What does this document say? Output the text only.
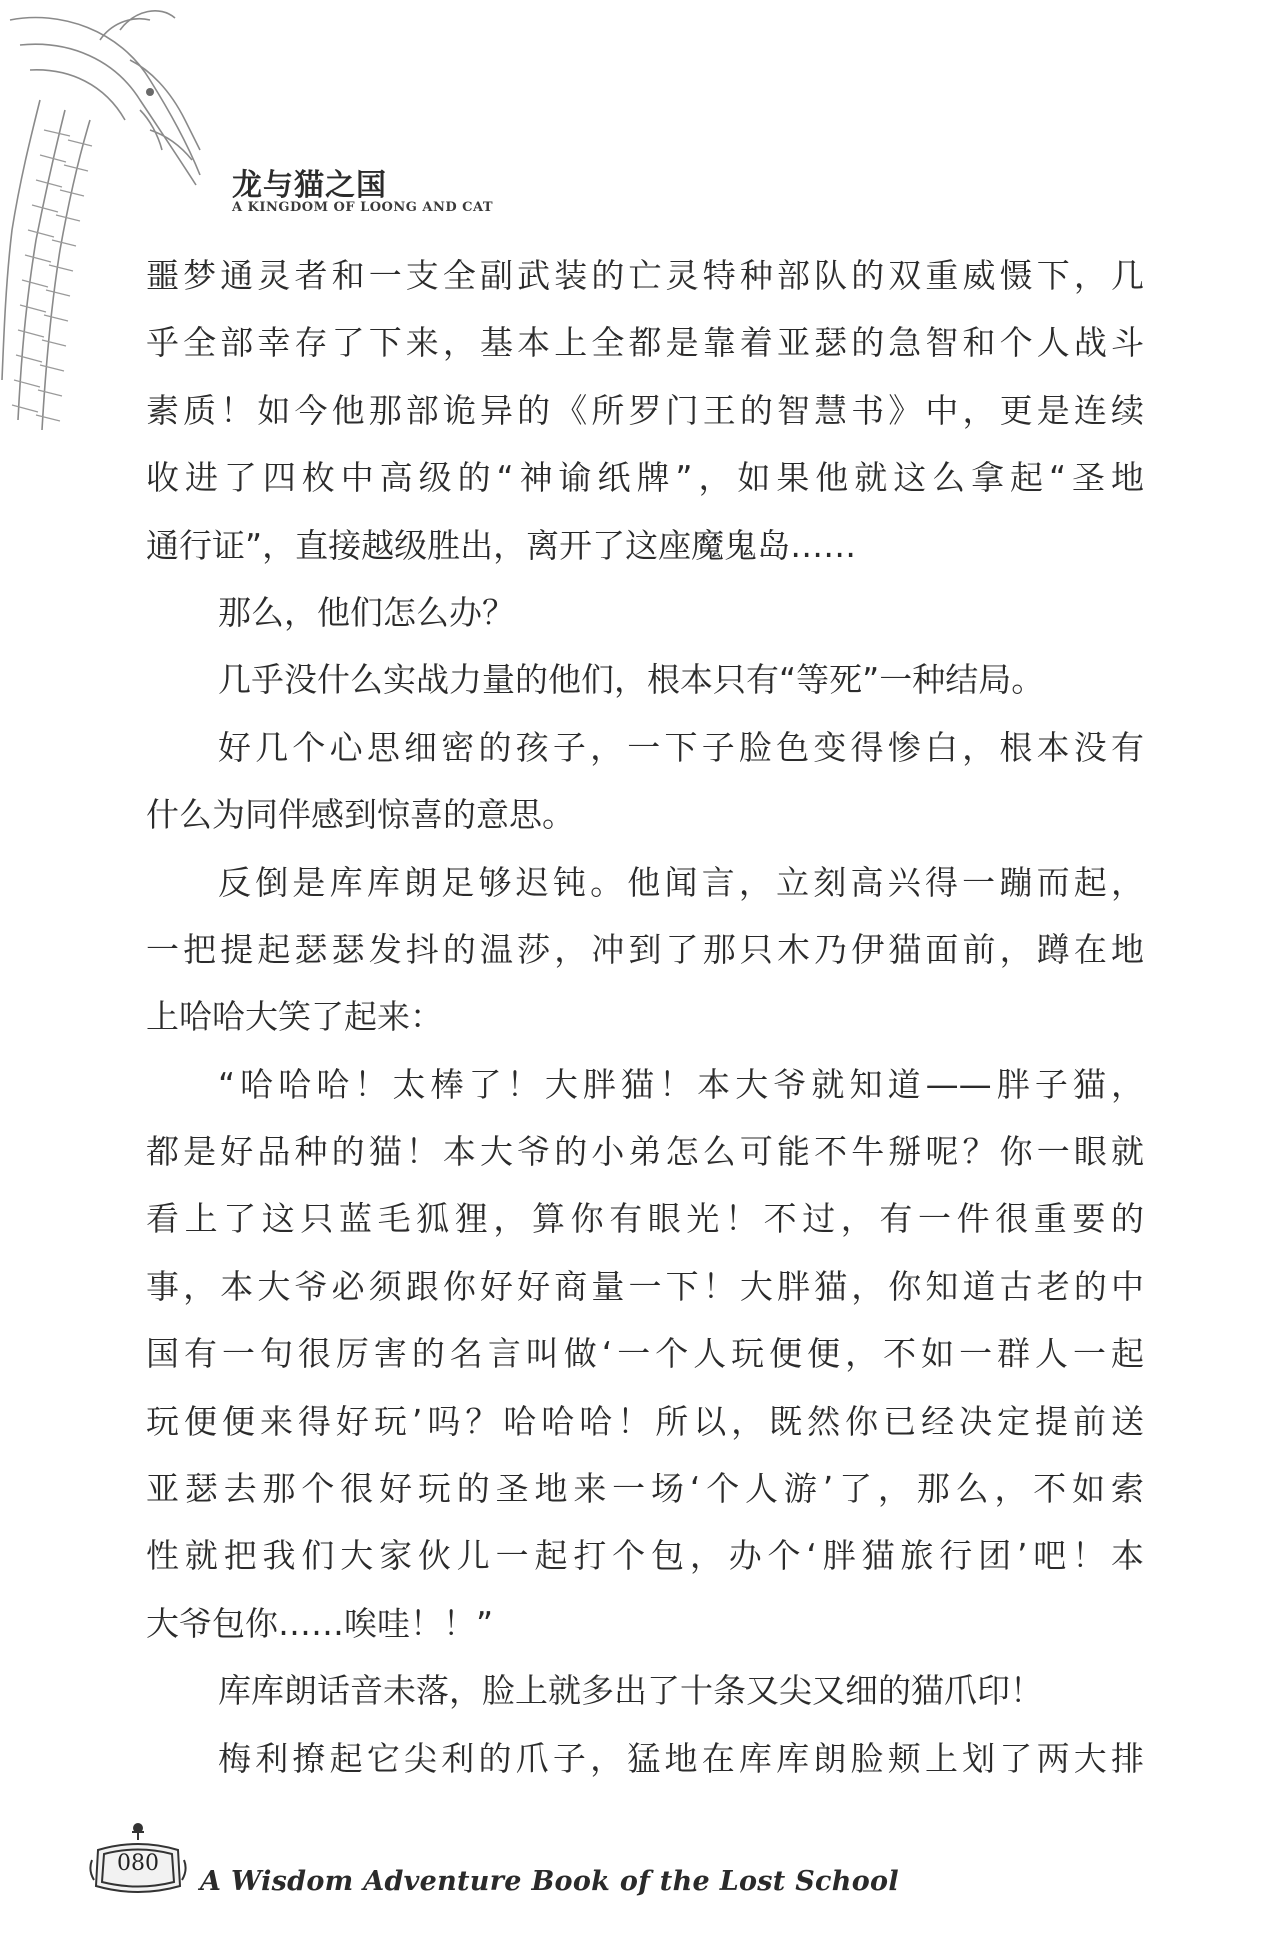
龙与猫之国
A KINGDOM OF LOONG AND CAT
噩梦通灵者和一支全副武装的亡灵特种部队的双重威慑下，几
乎全部幸存了下来，基本上全都是靠着亚瑟的急智和个人战斗
素质！如今他那部诡异的《所罗门王的智慧书》中，更是连续
收进了四枚中高级的“神谕纸牌”，如果他就这么拿起“圣地
通行证”，直接越级胜出，离开了这座魔鬼岛……
那么，他们怎么办？
几乎没什么实战力量的他们，根本只有“等死”一种结局。
好几个心思细密的孩子，一下子脸色变得惨白，根本没有
什么为同伴感到惊喜的意思。
反倒是库库朗足够迟钝。他闻言，立刻高兴得一蹦而起，
一把提起瑟瑟发抖的温莎，冲到了那只木乃伊猫面前，蹲在地
上哈哈大笑了起来：
“哈哈哈！太棒了！大胖猫！本大爷就知道——胖子猫，
都是好品种的猫！本大爷的小弟怎么可能不牛掰呢？你一眼就
看上了这只蓝毛狐狸，算你有眼光！不过，有一件很重要的
事，本大爷必须跟你好好商量一下！大胖猫，你知道古老的中
国有一句很厉害的名言叫做‘一个人玩便便，不如一群人一起
玩便便来得好玩’吗？哈哈哈！所以，既然你已经决定提前送
亚瑟去那个很好玩的圣地来一场‘个人游’了，那么，不如索
性就把我们大家伙儿一起打个包，办个‘胖猫旅行团’吧！本
大爷包你……唉哇！！”
库库朗话音未落，脸上就多出了十条又尖又细的猫爪印！
梅利撩起它尖利的爪子，猛地在库库朗脸颊上划了两大排
080
A Wisdom Adventure Book of the Lost School
